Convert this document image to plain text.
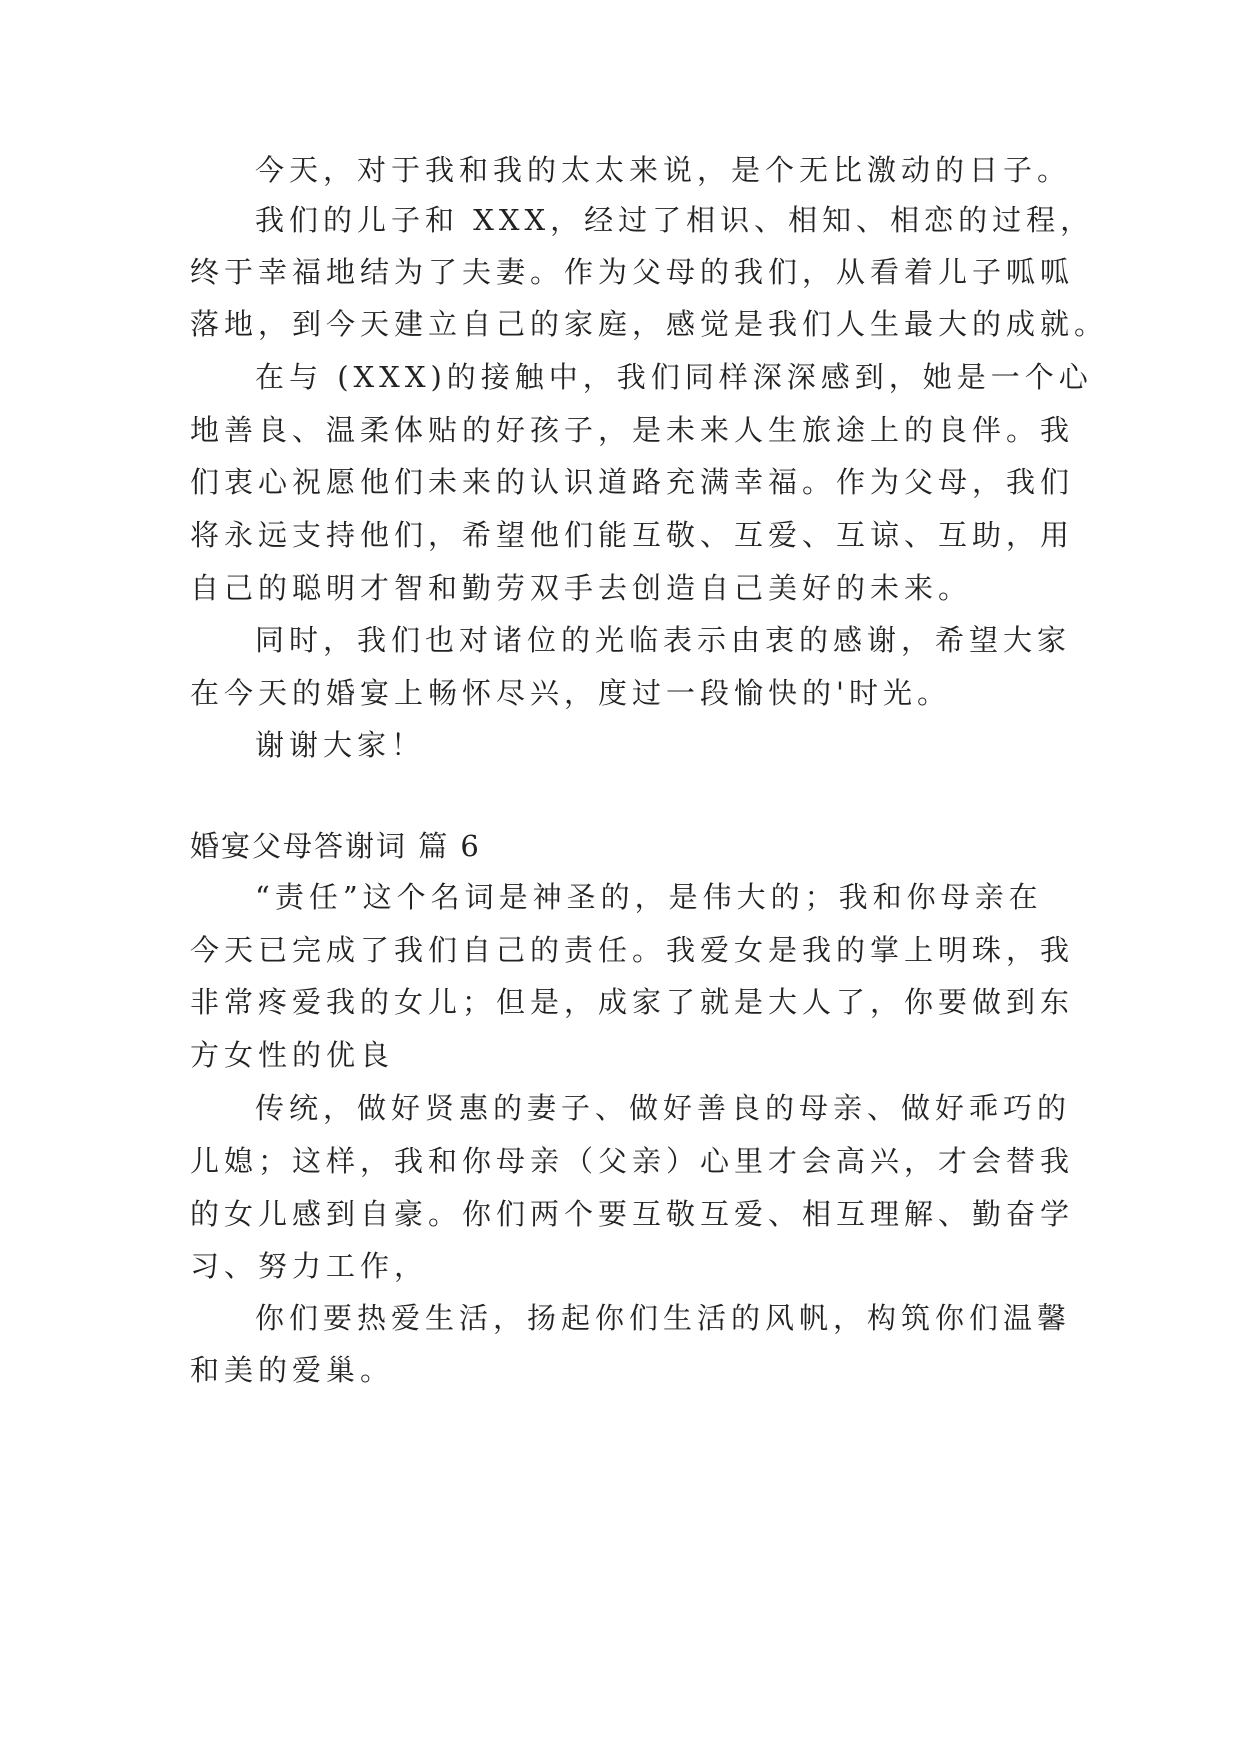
今天，对于我和我的太太来说，是个无比激动的日子。
我们的儿子和 XXX，经过了相识、相知、相恋的过程，
终于幸福地结为了夫妻。作为父母的我们，从看着儿子呱呱
落地，到今天建立自己的家庭，感觉是我们人生最大的成就。
在与 (XXX)的接触中，我们同样深深感到，她是一个心
地善良、温柔体贴的好孩子，是未来人生旅途上的良伴。我
们衷心祝愿他们未来的认识道路充满幸福。作为父母，我们
将永远支持他们，希望他们能互敬、互爱、互谅、互助，用
自己的聪明才智和勤劳双手去创造自己美好的未来。
同时，我们也对诸位的光临表示由衷的感谢，希望大家
在今天的婚宴上畅怀尽兴，度过一段愉快的'时光。
谢谢大家！
婚宴父母答谢词 篇 6
“责任”这个名词是神圣的，是伟大的；我和你母亲在
今天已完成了我们自己的责任。我爱女是我的掌上明珠，我
非常疼爱我的女儿；但是，成家了就是大人了，你要做到东
方女性的优良
传统，做好贤惠的妻子、做好善良的母亲、做好乖巧的
儿媳；这样，我和你母亲（父亲）心里才会高兴，才会替我
的女儿感到自豪。你们两个要互敬互爱、相互理解、勤奋学
习、努力工作，
你们要热爱生活，扬起你们生活的风帆，构筑你们温馨
和美的爱巢。
